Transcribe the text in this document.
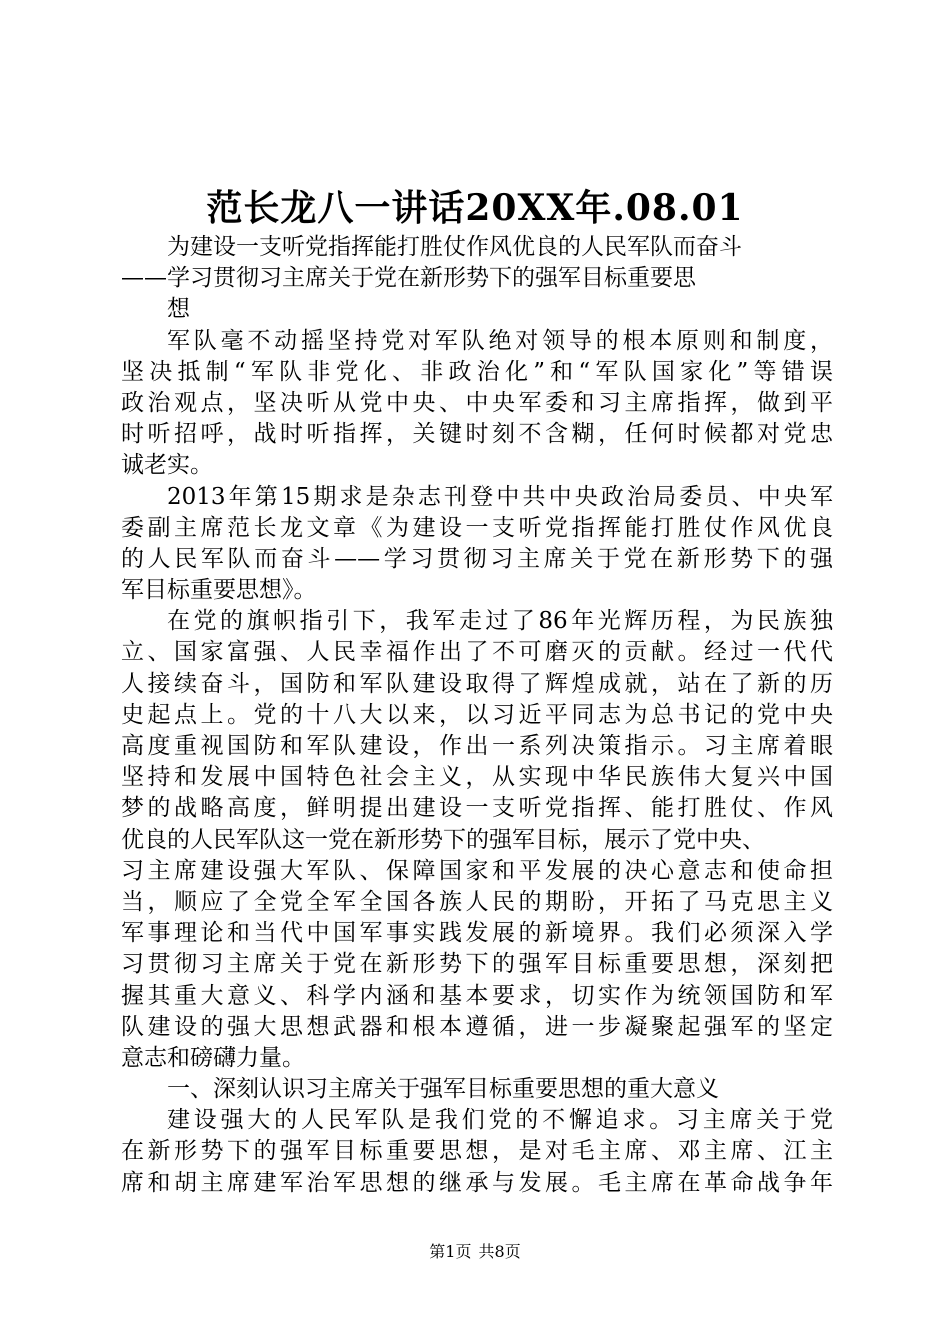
范长龙八一讲话20XX年.08.01
为建设一支听党指挥能打胜仗作风优良的人民军队而奋斗
——学习贯彻习主席关于党在新形势下的强军目标重要思
想
军队毫不动摇坚持党对军队绝对领导的根本原则和制度，
坚决抵制“军队非党化、非政治化”和“军队国家化”等错误
政治观点，坚决听从党中央、中央军委和习主席指挥，做到平
时听招呼，战时听指挥，关键时刻不含糊，任何时候都对党忠
诚老实。
2013年第15期求是杂志刊登中共中央政治局委员、中央军
委副主席范长龙文章《为建设一支听党指挥能打胜仗作风优良
的人民军队而奋斗——学习贯彻习主席关于党在新形势下的强
军目标重要思想》。
在党的旗帜指引下，我军走过了86年光辉历程，为民族独
立、国家富强、人民幸福作出了不可磨灭的贡献。经过一代代
人接续奋斗，国防和军队建设取得了辉煌成就，站在了新的历
史起点上。党的十八大以来，以习近平同志为总书记的党中央
高度重视国防和军队建设，作出一系列决策指示。习主席着眼
坚持和发展中国特色社会主义，从实现中华民族伟大复兴中国
梦的战略高度，鲜明提出建设一支听党指挥、能打胜仗、作风
优良的人民军队这一党在新形势下的强军目标，展示了党中央、
习主席建设强大军队、保障国家和平发展的决心意志和使命担
当，顺应了全党全军全国各族人民的期盼，开拓了马克思主义
军事理论和当代中国军事实践发展的新境界。我们必须深入学
习贯彻习主席关于党在新形势下的强军目标重要思想，深刻把
握其重大意义、科学内涵和基本要求，切实作为统领国防和军
队建设的强大思想武器和根本遵循，进一步凝聚起强军的坚定
意志和磅礴力量。
一、深刻认识习主席关于强军目标重要思想的重大意义
建设强大的人民军队是我们党的不懈追求。习主席关于党
在新形势下的强军目标重要思想，是对毛主席、邓主席、江主
席和胡主席建军治军思想的继承与发展。毛主席在革命战争年
第1页 共8页
